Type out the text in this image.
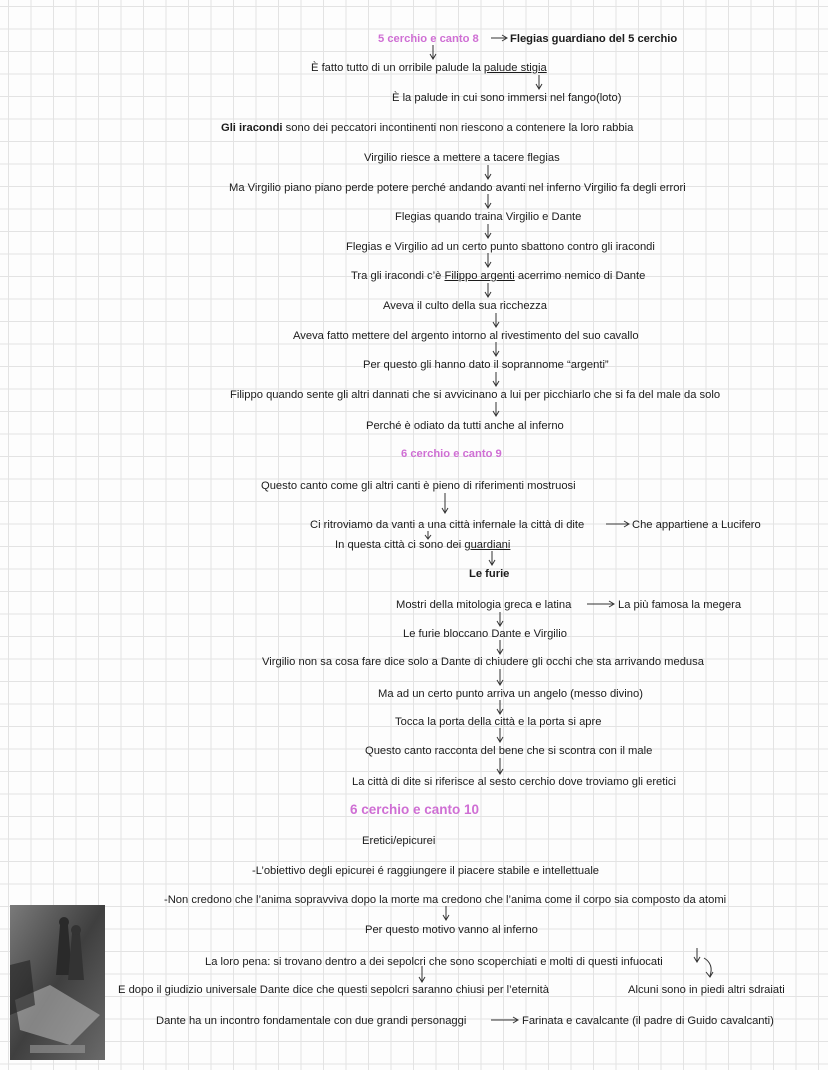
5 cerchio e canto 8	Flegias guardiano del 5 cerchio
È fatto tutto di un orribile palude la palude stigia
È la palude in cui sono immersi nel fango(loto)
Gli iracondi sono dei peccatori incontinenti non riescono a contenere la loro rabbia
Virgilio riesce a mettere a tacere flegias
Ma Virgilio piano piano perde potere perché andando avanti nel inferno Virgilio fa degli errori
Flegias quando traina Virgilio e Dante
Flegias e Virgilio ad un certo punto sbattono contro gli iracondi
Tra gli iracondi c’è Filippo argenti acerrimo nemico di Dante
Aveva il culto della sua ricchezza
Aveva fatto mettere del argento intorno al rivestimento del suo cavallo
Per questo gli hanno dato il soprannome “argenti”
Filippo quando sente gli altri dannati che si avvicinano a lui per picchiarlo che si fa del male da solo
Perché è odiato da tutti anche al inferno
6 cerchio e canto 9
Questo canto come gli altri canti è pieno di riferimenti mostruosi
Ci ritroviamo da vanti a una città infernale la città di dite	Che appartiene a Lucifero
In questa città ci sono dei guardiani
Le furie
Mostri della mitologia greca e latina	La più famosa la megera
Le furie bloccano Dante e Virgilio
Virgilio non sa cosa fare dice solo a Dante di chiudere gli occhi che sta arrivando medusa
Ma ad un certo punto arriva un angelo (messo divino)
Tocca la porta della città e la porta si apre
Questo canto racconta del bene che si scontra con il male
La città di dite si riferisce al sesto cerchio dove troviamo gli eretici
6 cerchio e canto 10
Eretici/epicurei
-L’obiettivo degli epicurei é raggiungere il piacere stabile e intellettuale
-Non credono che l’anima sopravviva dopo la morte ma credono che l’anima come il corpo sia composto da atomi
Per questo motivo vanno al inferno
La loro pena: si trovano dentro a dei sepolcri che sono scoperchiati e molti di questi infuocati
E dopo il giudizio universale Dante dice che questi sepolcri saranno chiusi per l’eternità	Alcuni sono in piedi altri sdraiati
Dante ha un incontro fondamentale con due grandi personaggi	Farinata e cavalcante (il padre di Guido cavalcanti)
